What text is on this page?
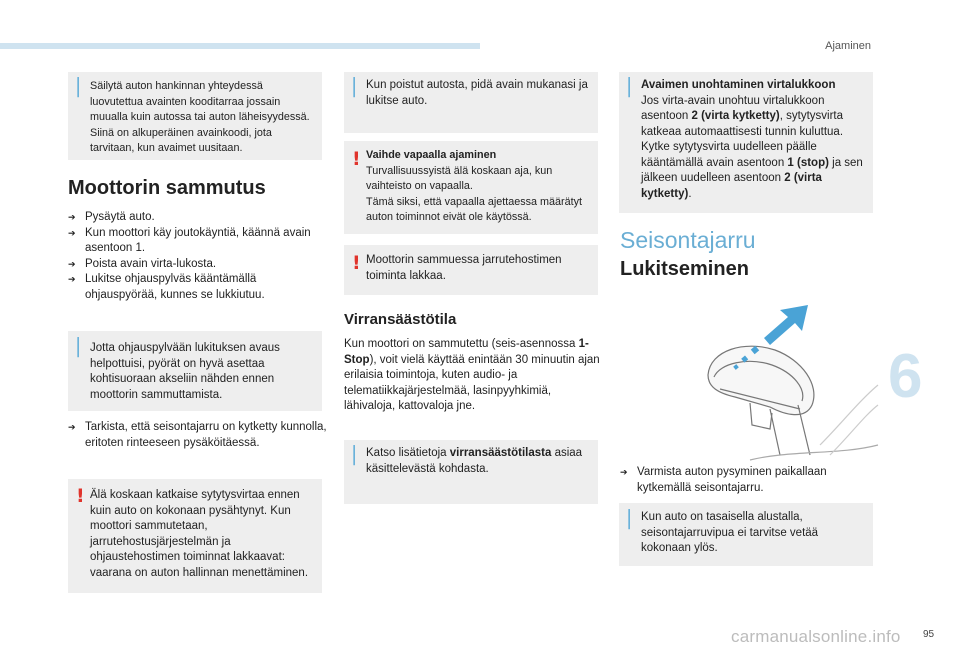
Ajaminen
6
95
carmanualsonline.info
│ Säilytä auton hankinnan yhteydessä luovutettua avainten kooditarraa jossain muualla kuin autossa tai auton läheisyydessä. Siinä on alkuperäinen avainkoodi, jota tarvitaan, kun avaimet uusitaan.
Moottorin sammutus
➔ Pysäytä auto.
➔ Kun moottori käy joutokäyntiä, käännä avain asentoon 1.
➔ Poista avain virta-lukosta.
➔ Lukitse ohjauspylväs kääntämällä ohjauspyörää, kunnes se lukkiutuu.
│ Jotta ohjauspylvään lukituksen avaus helpottuisi, pyörät on hyvä asettaa kohtisuoraan akseliin nähden ennen moottorin sammuttamista.
➔ Tarkista, että seisontajarru on kytketty kunnolla, eritoten rinteeseen pysäköitäessä.
! Älä koskaan katkaise sytytysvirtaa ennen kuin auto on kokonaan pysähtynyt. Kun moottori sammutetaan, jarrutehostusjärjestelmän ja ohjaustehostimen toiminnat lakkaavat: vaarana on auton hallinnan menettäminen.
│ Kun poistut autosta, pidä avain mukanasi ja lukitse auto.
! Vaihde vapaalla ajaminen
Turvallisuussyistä älä koskaan aja, kun vaihteisto on vapaalla.
Tämä siksi, että vapaalla ajettaessa määrätyt auton toiminnot eivät ole käytössä.
! Moottorin sammuessa jarrutehostimen toiminta lakkaa.
Virransäästötila
Kun moottori on sammutettu (seis-asennossa 1-Stop), voit vielä käyttää enintään 30 minuutin ajan erilaisia toimintoja, kuten audio- ja telematiikkajärjestelmää, lasinpyyhkimiä, lähivaloja, kattovaloja jne.
│ Katso lisätietoja virransäästötilasta asiaa käsittelevästä kohdasta.
│ Avaimen unohtaminen virtalukkoon
Jos virta-avain unohtuu virtalukkoon asentoon 2 (virta kytketty), sytytysvirta katkeaa automaattisesti tunnin kuluttua. Kytke sytytysvirta uudelleen päälle kääntämällä avain asentoon 1 (stop) ja sen jälkeen uudelleen asentoon 2 (virta kytketty).
Seisontajarru
Lukitseminen
➔ Varmista auton pysyminen paikallaan kytkemällä seisontajarru.
│ Kun auto on tasaisella alustalla, seisontajarruvipua ei tarvitse vetää kokonaan ylös.
